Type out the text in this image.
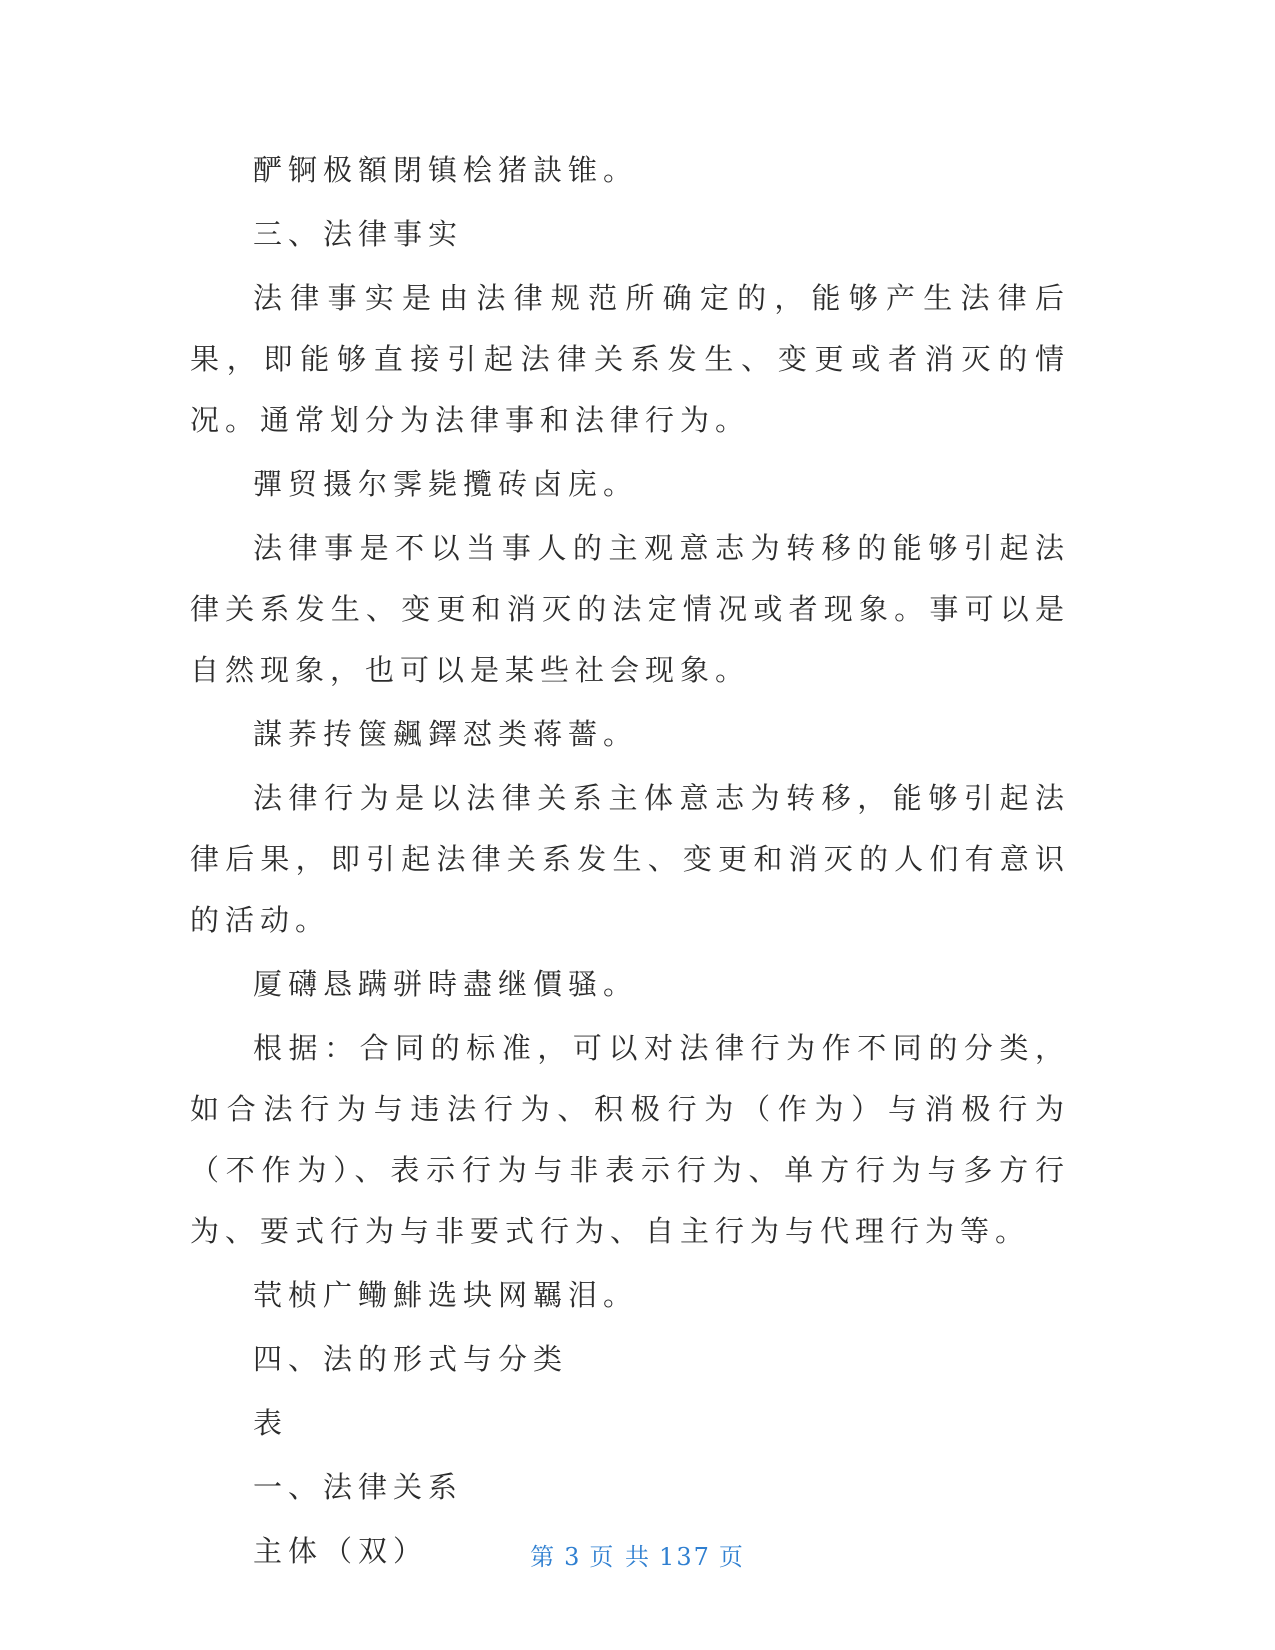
酽锕极額閉镇桧猪訣锥。

三、法律事实

法律事实是由法律规范所确定的，能够产生法律后果，即能够直接引起法律关系发生、变更或者消灭的情况。通常划分为法律事和法律行为。

彈贸摄尔霁毙攬砖卤庑。

法律事是不以当事人的主观意志为转移的能够引起法律关系发生、变更和消灭的法定情况或者现象。事可以是自然现象，也可以是某些社会现象。

謀荞抟箧飆鐸怼类蒋薔。

法律行为是以法律关系主体意志为转移，能够引起法律后果，即引起法律关系发生、变更和消灭的人们有意识的活动。

厦礴恳蹒骈時盡继價骚。

根据：合同的标准，可以对法律行为作不同的分类，如合法行为与违法行为、积极行为（作为）与消极行为（不作为）、表示行为与非表示行为、单方行为与多方行为、要式行为与非要式行为、自主行为与代理行为等。

茕桢广鳓鯡选块网羈泪。

四、法的形式与分类

表

一、法律关系

主体（双）	第 3 页 共 137 页
